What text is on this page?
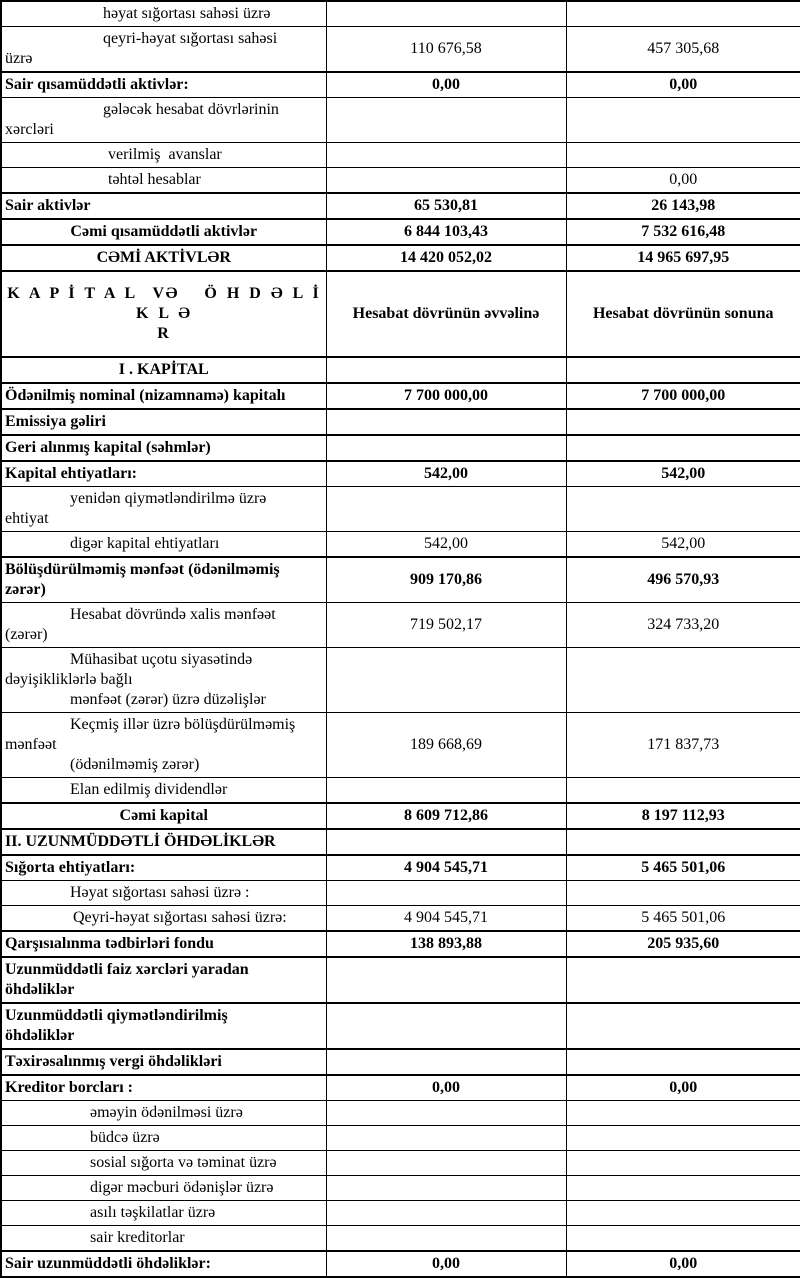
həyat sığortası sahəsi üzrə		

qeyri-həyat sığortası sahəsi
üzrə	110 676,58	457 305,68

Sair qısamüddətli aktivlər:	0,00	0,00

gələcək hesabat dövrlərinin
xərcləri		

verilmiş  avanslar		

təhtəl hesablar		0,00

Sair aktivlər	65 530,81	26 143,98

Cəmi qısamüddətli aktivlər	6 844 103,43	7 532 616,48

CƏMİ AKTİVLƏR	14 420 052,02	14 965 697,95

K A P İ T A L  VƏ   Ö H D Ə L İ K L Ə
R	Hesabat dövrünün əvvəlinə	Hesabat dövrünün sonuna

I . KAPİTAL		

Ödənilmiş nominal (nizamnamə) kapitalı	7 700 000,00	7 700 000,00

Emissiya gəliri		

Geri alınmış kapital (səhmlər)		

Kapital ehtiyatları:	542,00	542,00

yenidən qiymətləndirilmə üzrə
ehtiyat		

digər kapital ehtiyatları	542,00	542,00

Bölüşdürülməmiş mənfəət (ödənilməmiş
zərər)	909 170,86	496 570,93

Hesabat dövründə xalis mənfəət
(zərər)	719 502,17	324 733,20

Mühasibat uçotu siyasətində
dəyişikliklərlə bağlı
mənfəət (zərər) üzrə düzəlişlər		

Keçmiş illər üzrə bölüşdürülməmiş
mənfəət
(ödənilməmiş zərər)	189 668,69	171 837,73

Elan edilmiş dividendlər		

Cəmi kapital	8 609 712,86	8 197 112,93

II. UZUNMÜDDƏTLİ ÖHDƏLİKLƏR		

Sığorta ehtiyatları:	4 904 545,71	5 465 501,06

Həyat sığortası sahəsi üzrə :		

Qeyri-həyat sığortası sahəsi üzrə:	4 904 545,71	5 465 501,06

Qarşısıalınma tədbirləri fondu	138 893,88	205 935,60

Uzunmüddətli faiz xərcləri yaradan
öhdəliklər		

Uzunmüddətli qiymətləndirilmiş
öhdəliklər		

Təxirəsalınmış vergi öhdəlikləri		

Kreditor borcları :	0,00	0,00

əməyin ödənilməsi üzrə		

büdcə üzrə		

sosial sığorta və təminat üzrə		

digər məcburi ödənişlər üzrə		

asılı təşkilatlar üzrə		

sair kreditorlar		

Sair uzunmüddətli öhdəliklər:	0,00	0,00
